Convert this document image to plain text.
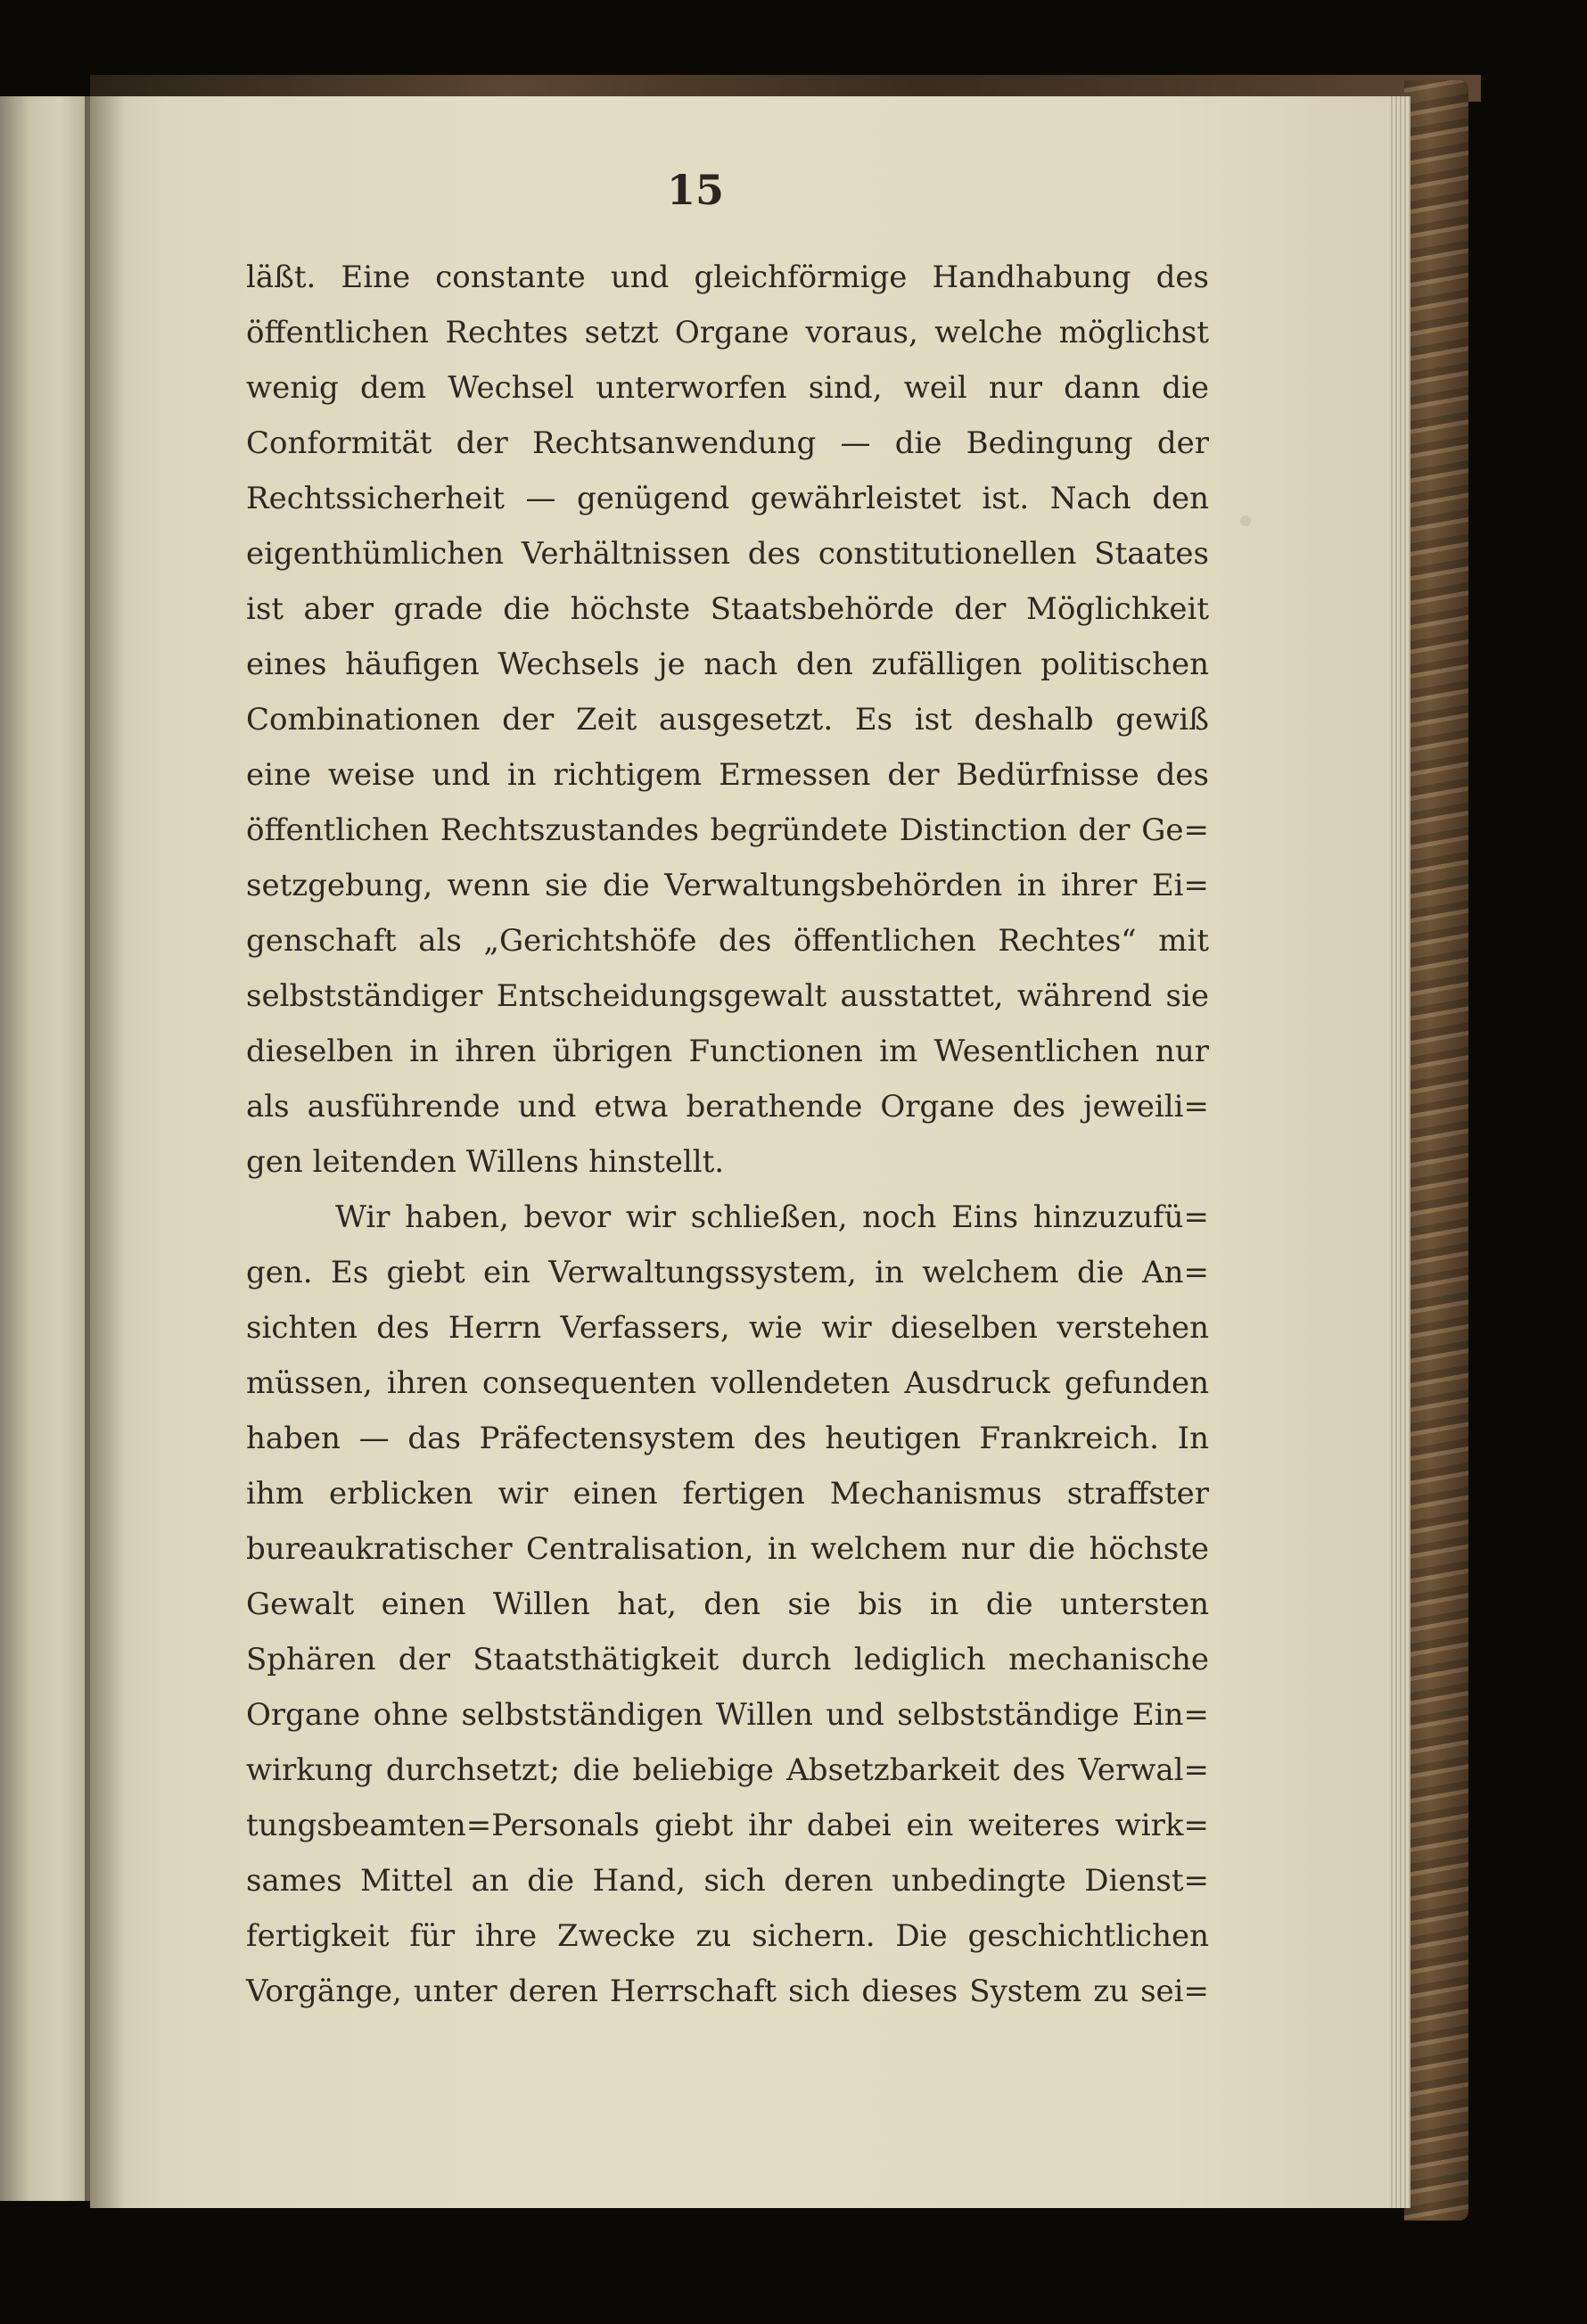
15
läßt. Eine constante und gleichförmige Handhabung des
öffentlichen Rechtes setzt Organe voraus, welche möglichst
wenig dem Wechsel unterworfen sind, weil nur dann die
Conformität der Rechtsanwendung — die Bedingung der
Rechtssicherheit — genügend gewährleistet ist. Nach den
eigenthümlichen Verhältnissen des constitutionellen Staates
ist aber grade die höchste Staatsbehörde der Möglichkeit
eines häufigen Wechsels je nach den zufälligen politischen
Combinationen der Zeit ausgesetzt. Es ist deshalb gewiß
eine weise und in richtigem Ermessen der Bedürfnisse des
öffentlichen Rechtszustandes begründete Distinction der Ge=
setzgebung, wenn sie die Verwaltungsbehörden in ihrer Ei=
genschaft als „Gerichtshöfe des öffentlichen Rechtes“ mit
selbstständiger Entscheidungsgewalt ausstattet, während sie
dieselben in ihren übrigen Functionen im Wesentlichen nur
als ausführende und etwa berathende Organe des jeweili=
gen leitenden Willens hinstellt.
Wir haben, bevor wir schließen, noch Eins hinzuzufü=
gen. Es giebt ein Verwaltungssystem, in welchem die An=
sichten des Herrn Verfassers, wie wir dieselben verstehen
müssen, ihren consequenten vollendeten Ausdruck gefunden
haben — das Präfectensystem des heutigen Frankreich. In
ihm erblicken wir einen fertigen Mechanismus straffster
bureaukratischer Centralisation, in welchem nur die höchste
Gewalt einen Willen hat, den sie bis in die untersten
Sphären der Staatsthätigkeit durch lediglich mechanische
Organe ohne selbstständigen Willen und selbstständige Ein=
wirkung durchsetzt; die beliebige Absetzbarkeit des Verwal=
tungsbeamten=Personals giebt ihr dabei ein weiteres wirk=
sames Mittel an die Hand, sich deren unbedingte Dienst=
fertigkeit für ihre Zwecke zu sichern. Die geschichtlichen
Vorgänge, unter deren Herrschaft sich dieses System zu sei=
